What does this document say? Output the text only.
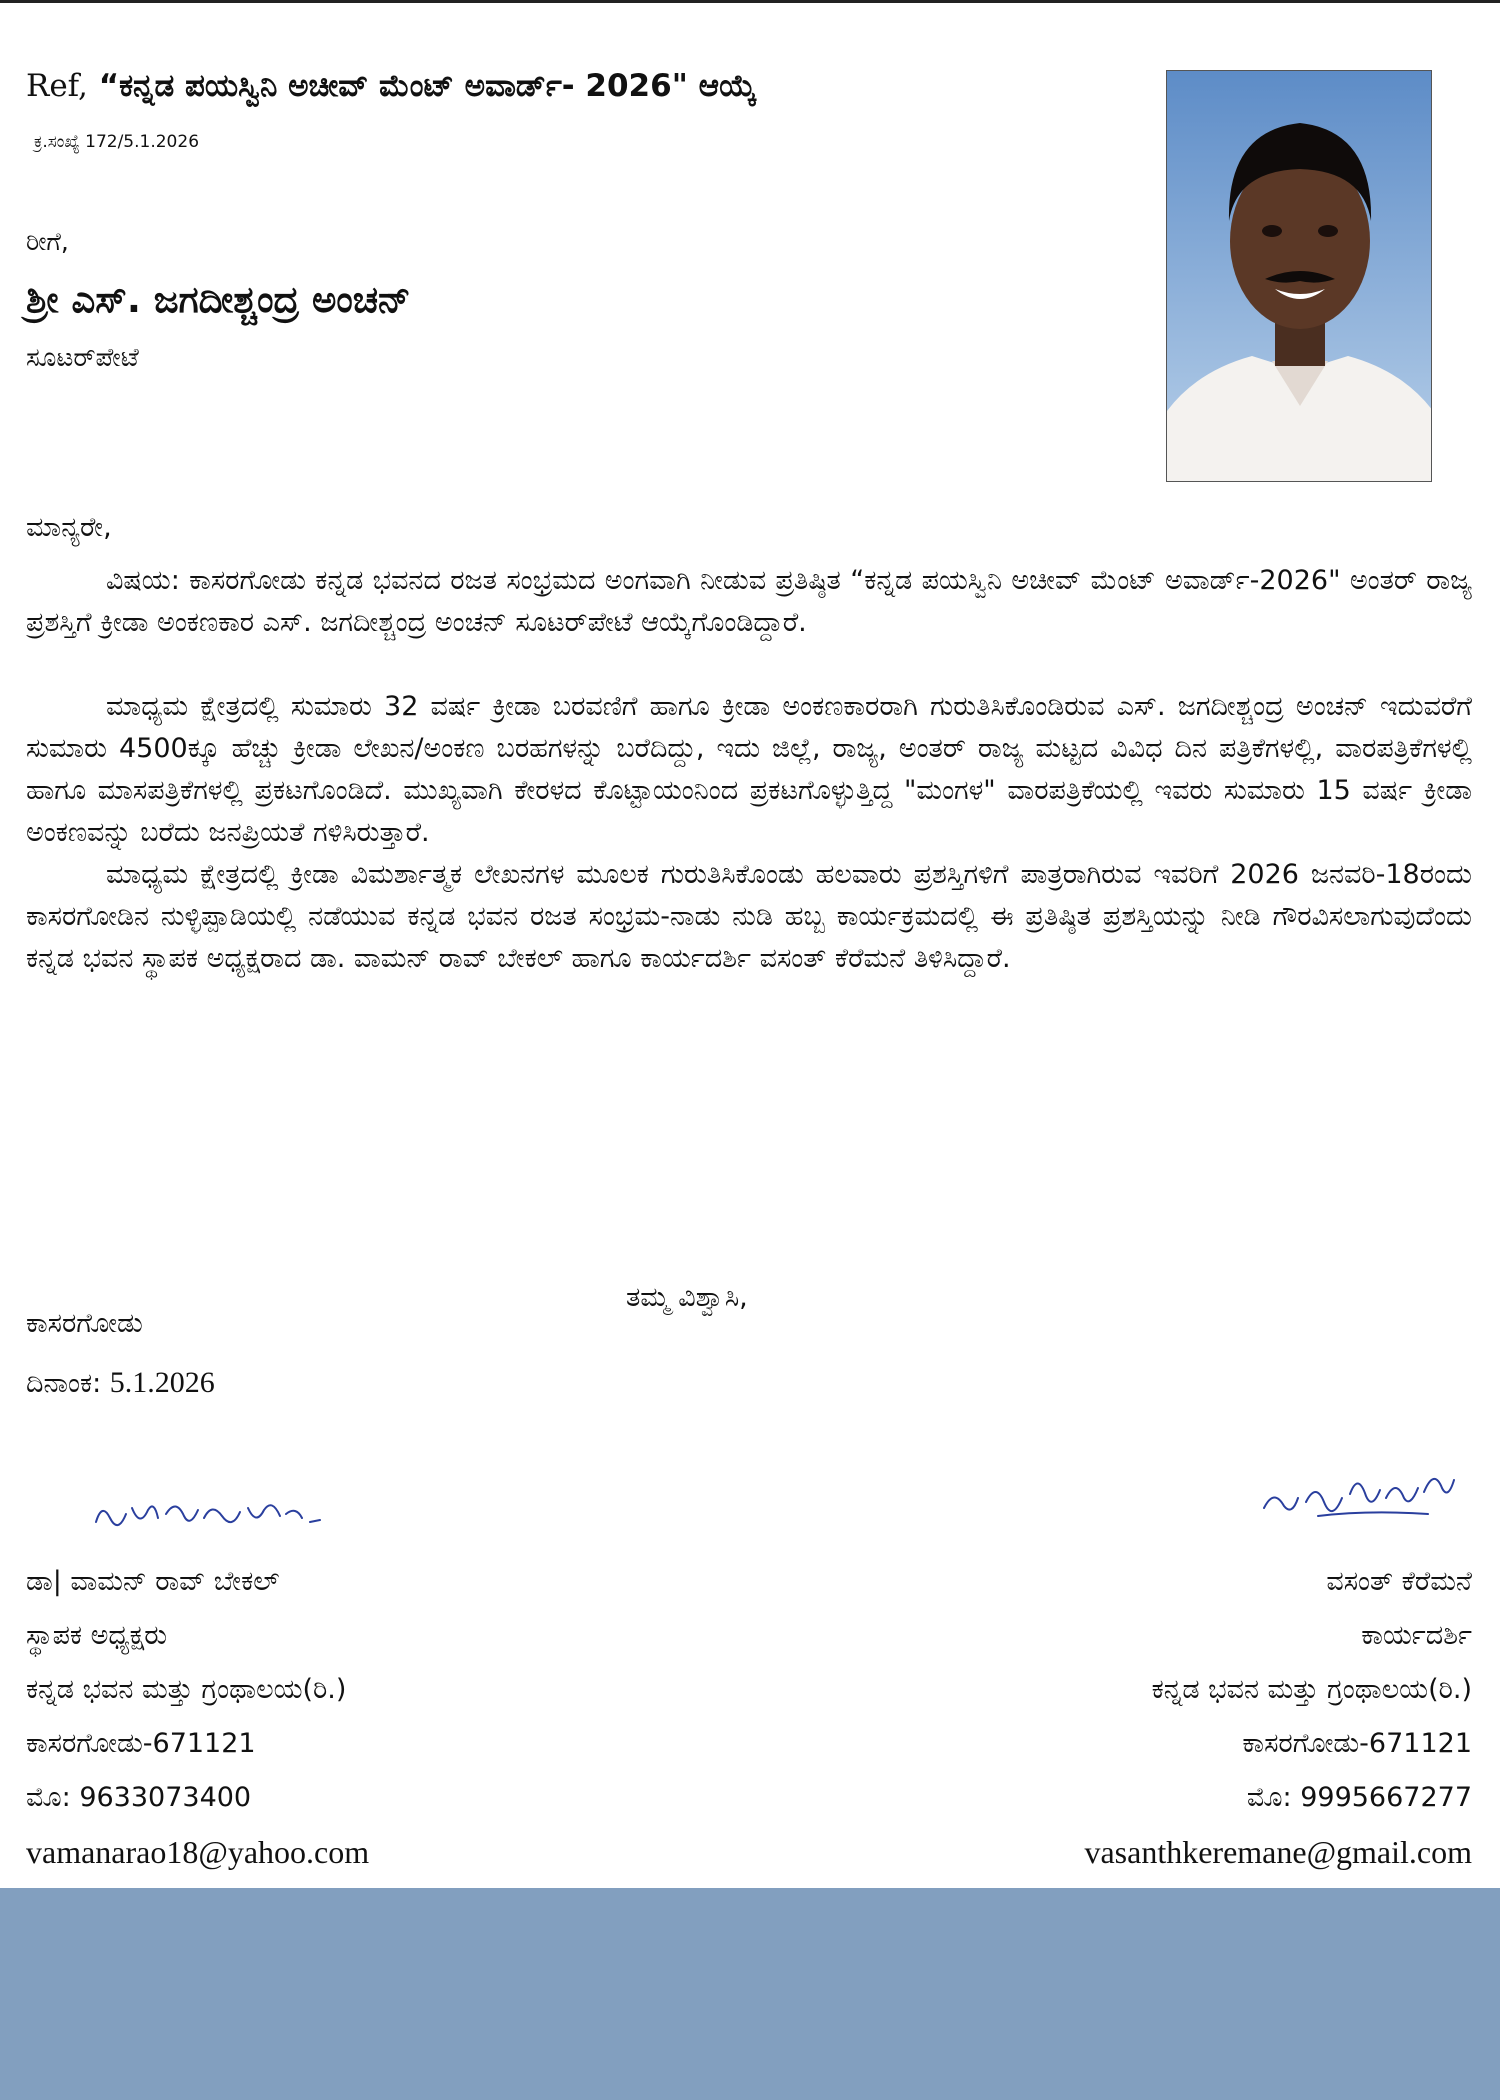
Ref, “ಕನ್ನಡ ಪಯಸ್ವಿನಿ ಅಚೀವ್ ಮೆಂಟ್ ಅವಾರ್ಡ್- 2026" ಆಯ್ಕೆ
ಕ್ರ.ಸಂಖ್ಯೆ 172/5.1.2026
ರೀಗೆ,
ಶ್ರೀ ಎಸ್. ಜಗದೀಶ್ಚಂದ್ರ ಅಂಚನ್
ಸೂಟರ್‌ಪೇಟೆ
ಮಾನ್ಯರೇ,

ವಿಷಯ: ಕಾಸರಗೋಡು ಕನ್ನಡ ಭವನದ ರಜತ ಸಂಭ್ರಮದ ಅಂಗವಾಗಿ ನೀಡುವ ಪ್ರತಿಷ್ಠಿತ “ಕನ್ನಡ ಪಯಸ್ವಿನಿ ಅಚೀವ್ ಮೆಂಟ್ ಅವಾರ್ಡ್-2026" ಅಂತರ್ ರಾಜ್ಯ ಪ್ರಶಸ್ತಿಗೆ ಕ್ರೀಡಾ ಅಂಕಣಕಾರ ಎಸ್. ಜಗದೀಶ್ಚಂದ್ರ ಅಂಚನ್ ಸೂಟರ್‌ಪೇಟೆ ಆಯ್ಕೆಗೊಂಡಿದ್ದಾರೆ.

ಮಾಧ್ಯಮ ಕ್ಷೇತ್ರದಲ್ಲಿ ಸುಮಾರು 32 ವರ್ಷ ಕ್ರೀಡಾ ಬರವಣಿಗೆ ಹಾಗೂ ಕ್ರೀಡಾ ಅಂಕಣಕಾರರಾಗಿ ಗುರುತಿಸಿಕೊಂಡಿರುವ ಎಸ್. ಜಗದೀಶ್ಚಂದ್ರ ಅಂಚನ್ ಇದುವರೆಗೆ ಸುಮಾರು 4500ಕ್ಕೂ ಹೆಚ್ಚು ಕ್ರೀಡಾ ಲೇಖನ/ಅಂಕಣ ಬರಹಗಳನ್ನು ಬರೆದಿದ್ದು, ಇದು ಜಿಲ್ಲೆ, ರಾಜ್ಯ, ಅಂತರ್ ರಾಜ್ಯ ಮಟ್ಟದ ವಿವಿಧ ದಿನ ಪತ್ರಿಕೆಗಳಲ್ಲಿ, ವಾರಪತ್ರಿಕೆಗಳಲ್ಲಿ ಹಾಗೂ ಮಾಸಪತ್ರಿಕೆಗಳಲ್ಲಿ ಪ್ರಕಟಗೊಂಡಿದೆ. ಮುಖ್ಯವಾಗಿ ಕೇರಳದ ಕೊಟ್ಟಾಯಂನಿಂದ ಪ್ರಕಟಗೊಳ್ಳುತ್ತಿದ್ದ "ಮಂಗಳ" ವಾರಪತ್ರಿಕೆಯಲ್ಲಿ ಇವರು ಸುಮಾರು 15 ವರ್ಷ ಕ್ರೀಡಾ ಅಂಕಣವನ್ನು ಬರೆದು ಜನಪ್ರಿಯತೆ ಗಳಿಸಿರುತ್ತಾರೆ.

ಮಾಧ್ಯಮ ಕ್ಷೇತ್ರದಲ್ಲಿ ಕ್ರೀಡಾ ವಿಮರ್ಶಾತ್ಮಕ ಲೇಖನಗಳ ಮೂಲಕ ಗುರುತಿಸಿಕೊಂಡು ಹಲವಾರು ಪ್ರಶಸ್ತಿಗಳಿಗೆ ಪಾತ್ರರಾಗಿರುವ ಇವರಿಗೆ 2026 ಜನವರಿ-18ರಂದು ಕಾಸರಗೋಡಿನ ನುಳ್ಳಿಪ್ಪಾಡಿಯಲ್ಲಿ ನಡೆಯುವ ಕನ್ನಡ ಭವನ ರಜತ ಸಂಭ್ರಮ-ನಾಡು ನುಡಿ ಹಬ್ಬ ಕಾರ್ಯಕ್ರಮದಲ್ಲಿ ಈ ಪ್ರತಿಷ್ಠಿತ ಪ್ರಶಸ್ತಿಯನ್ನು ನೀಡಿ ಗೌರವಿಸಲಾಗುವುದೆಂದು ಕನ್ನಡ ಭವನ ಸ್ಥಾಪಕ ಅಧ್ಯಕ್ಷರಾದ ಡಾ. ವಾಮನ್ ರಾವ್ ಬೇಕಲ್ ಹಾಗೂ ಕಾರ್ಯದರ್ಶಿ ವಸಂತ್ ಕೆರೆಮನೆ ತಿಳಿಸಿದ್ದಾರೆ.

ತಮ್ಮ ವಿಶ್ವಾಸಿ,
ಕಾಸರಗೋಡು
ದಿನಾಂಕ: 5.1.2026
ಡಾ| ವಾಮನ್ ರಾವ್ ಬೇಕಲ್
ಸ್ಥಾಪಕ ಅಧ್ಯಕ್ಷರು
ಕನ್ನಡ ಭವನ ಮತ್ತು ಗ್ರಂಥಾಲಯ(ರಿ.)
ಕಾಸರಗೋಡು-671121
ಮೊ: 9633073400
vamanarao18@yahoo.com
ವಸಂತ್ ಕೆರೆಮನೆ
ಕಾರ್ಯದರ್ಶಿ
ಕನ್ನಡ ಭವನ ಮತ್ತು ಗ್ರಂಥಾಲಯ(ರಿ.)
ಕಾಸರಗೋಡು-671121
ಮೊ: 9995667277
vasanthkeremane@gmail.com
